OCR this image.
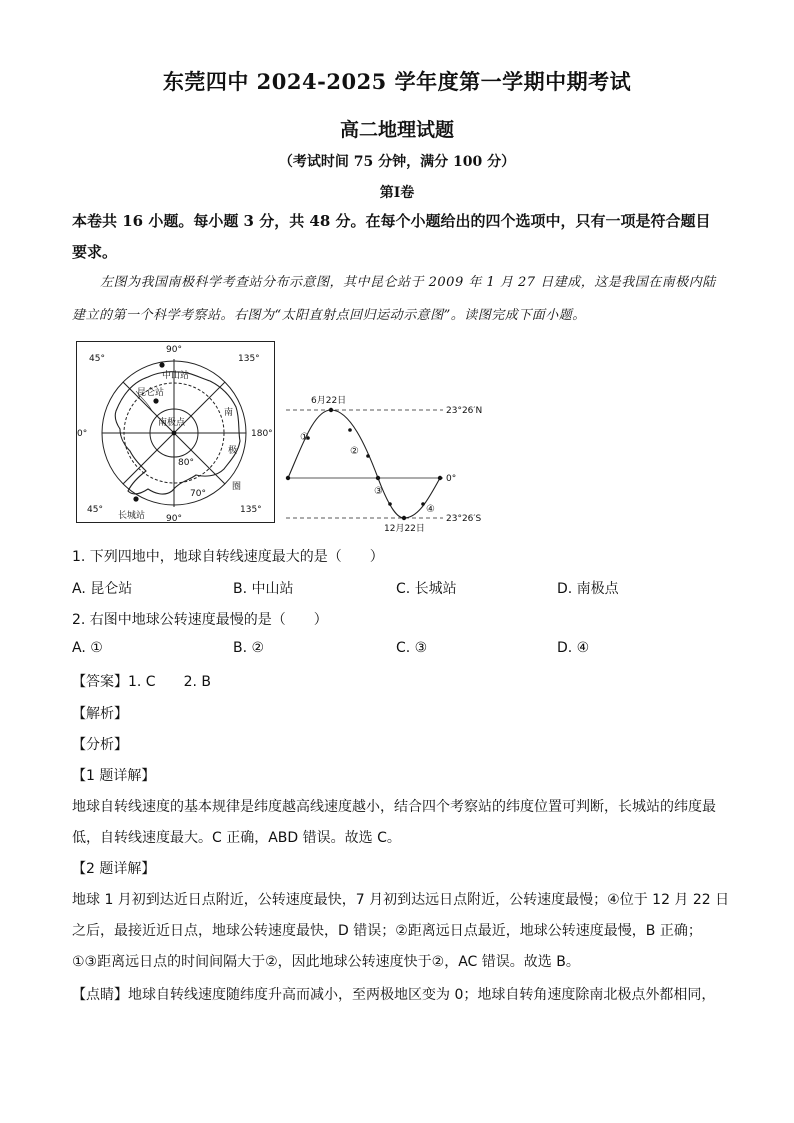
东莞四中 2024-2025 学年度第一学期中期考试
高二地理试题
（考试时间 75 分钟，满分 100 分）
第Ⅰ卷
本卷共 16 小题。每小题 3 分，共 48 分。在每个小题给出的四个选项中，只有一项是符合题目要求。
左图为我国南极科学考查站分布示意图，其中昆仑站于 2009 年 1 月 27 日建成，这是我国在南极内陆建立的第一个科学考察站。右图为“太阳直射点回归运动示意图”。读图完成下面小题。
90°
90°
45°	135°
45°	135°
0°	180°
80°
70°
中山站
昆仑站
南极点
长城站
南
极
圈
6月22日
12月22日
23°26′N
0°
23°26′S
①
②
③
④
1. 下列四地中，地球自转线速度最大的是（　　）
A. 昆仑站	B. 中山站	C. 长城站	D. 南极点
2. 右图中地球公转速度最慢的是（　　）
A. ①	B. ②	C. ③	D. ④
【答案】1. C　　2. B
【解析】
【分析】
【1 题详解】
地球自转线速度的基本规律是纬度越高线速度越小，结合四个考察站的纬度位置可判断，长城站的纬度最
低，自转线速度最大。C 正确，ABD 错误。故选 C。
【2 题详解】
地球 1 月初到达近日点附近，公转速度最快，7 月初到达远日点附近，公转速度最慢；④位于 12 月 22 日
之后，最接近近日点，地球公转速度最快，D 错误；②距离远日点最近，地球公转速度最慢，B 正确；
①③距离远日点的时间间隔大于②，因此地球公转速度快于②，AC 错误。故选 B。
【点睛】地球自转线速度随纬度升高而减小，至两极地区变为 0；地球自转角速度除南北极点外都相同，
